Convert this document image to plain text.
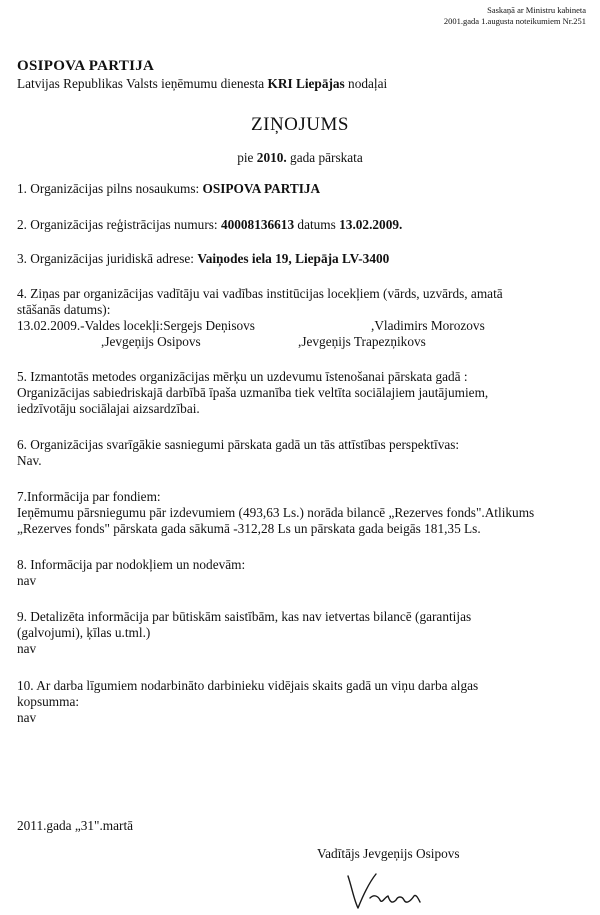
Saskaņā ar Ministru kabineta
2001.gada 1.augusta noteikumiem Nr.251
OSIPOVA PARTIJA
Latvijas Republikas Valsts ieņēmumu dienesta KRI Liepājas nodaļai
ZIŅOJUMS
pie 2010. gada pārskata
1. Organizācijas pilns nosaukums: OSIPOVA PARTIJA
2. Organizācijas reģistrācijas numurs: 40008136613 datums 13.02.2009.
3. Organizācijas juridiskā adrese: Vaiņodes iela 19, Liepāja LV-3400
4. Ziņas par organizācijas vadītāju vai vadības institūcijas locekļiem (vārds, uzvārds, amatā
stāšanās datums):
13.02.2009.-Valdes locekļi:Sergejs Deņisovs	,Vladimirs Morozovs
,Jevgeņijs Osipovs	,Jevgeņijs Trapezņikovs
5. Izmantotās metodes organizācijas mērķu un uzdevumu īstenošanai pārskata gadā :
Organizācijas sabiedriskajā darbībā īpaša uzmanība tiek veltīta sociālajiem jautājumiem,
iedzīvotāju sociālajai aizsardzībai.
6. Organizācijas svarīgākie sasniegumi pārskata gadā un tās attīstības perspektīvas:
Nav.
7.Informācija par fondiem:
Ieņēmumu pārsniegumu pār izdevumiem (493,63 Ls.) norāda bilancē „Rezerves fonds".Atlikums
„Rezerves fonds" pārskata gada sākumā -312,28 Ls un pārskata gada beigās 181,35 Ls.
8. Informācija par nodokļiem un nodevām:
nav
9. Detalizēta informācija par būtiskām saistībām, kas nav ietvertas bilancē (garantijas
(galvojumi), ķīlas u.tml.)
nav
10. Ar darba līgumiem nodarbināto darbinieku vidējais skaits gadā un viņu darba algas
kopsumma:
nav
2011.gada „31".martā
Vadītājs Jevgeņijs Osipovs
